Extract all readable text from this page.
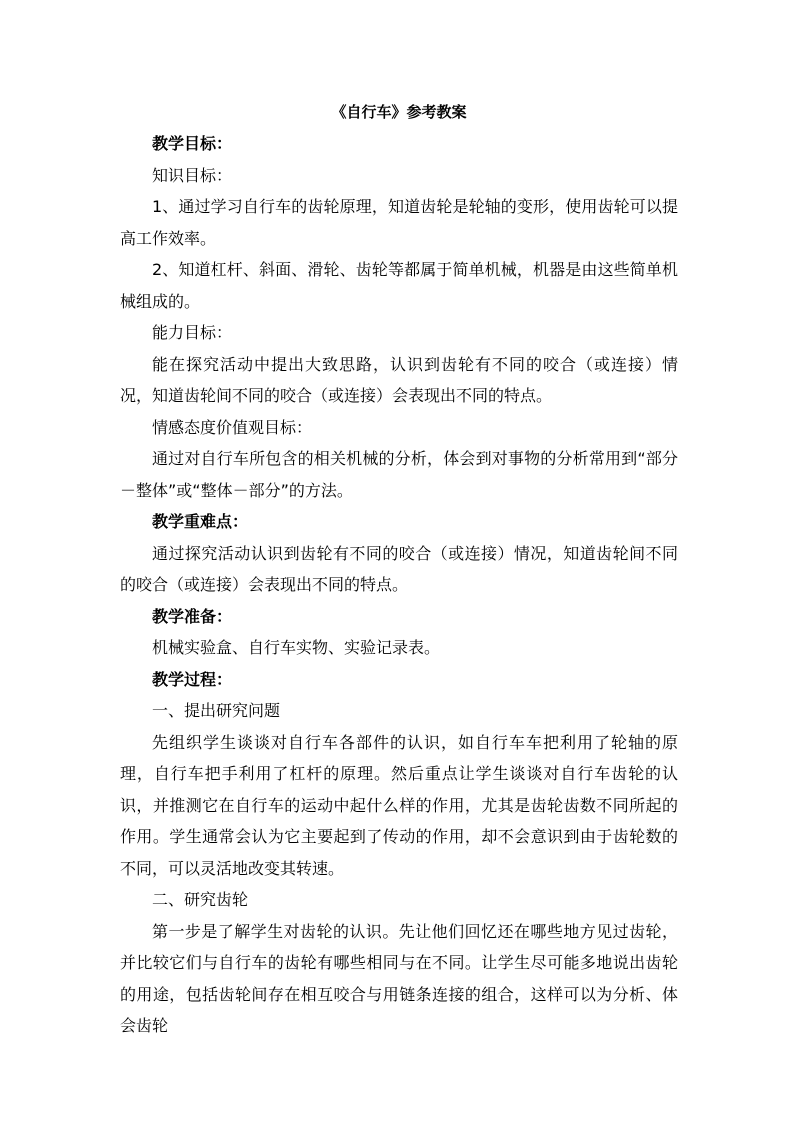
《自行车》参考教案

教学目标：

知识目标：

1、通过学习自行车的齿轮原理，知道齿轮是轮轴的变形，使用齿轮可以提高工作效率。

2、知道杠杆、斜面、滑轮、齿轮等都属于简单机械，机器是由这些简单机械组成的。

能力目标：

能在探究活动中提出大致思路，认识到齿轮有不同的咬合（或连接）情况，知道齿轮间不同的咬合（或连接）会表现出不同的特点。

情感态度价值观目标：

通过对自行车所包含的相关机械的分析，体会到对事物的分析常用到“部分－整体”或“整体－部分”的方法。

教学重难点：

通过探究活动认识到齿轮有不同的咬合（或连接）情况，知道齿轮间不同的咬合（或连接）会表现出不同的特点。

教学准备：

机械实验盒、自行车实物、实验记录表。

教学过程：

一、提出研究问题

先组织学生谈谈对自行车各部件的认识，如自行车车把利用了轮轴的原理，自行车把手利用了杠杆的原理。然后重点让学生谈谈对自行车齿轮的认识，并推测它在自行车的运动中起什么样的作用，尤其是齿轮齿数不同所起的作用。学生通常会认为它主要起到了传动的作用，却不会意识到由于齿轮数的不同，可以灵活地改变其转速。

二、研究齿轮

第一步是了解学生对齿轮的认识。先让他们回忆还在哪些地方见过齿轮，并比较它们与自行车的齿轮有哪些相同与在不同。让学生尽可能多地说出齿轮的用途，包括齿轮间存在相互咬合与用链条连接的组合，这样可以为分析、体会齿轮
